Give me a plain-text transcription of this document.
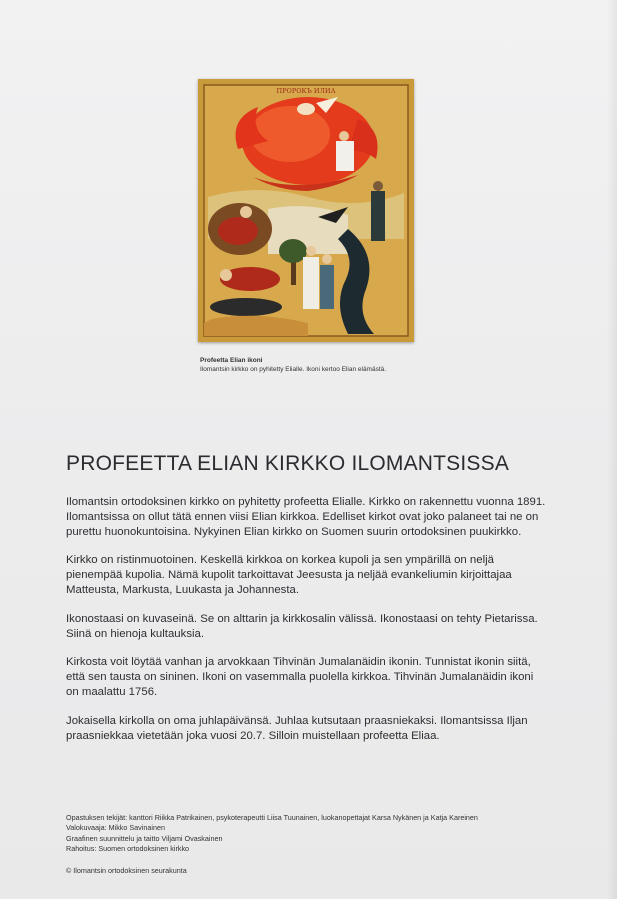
ПРОРОКЪ ИЛИА
Profeetta Elian ikoni
Ilomantsin kirkko on pyhitetty Elialle. Ikoni kertoo Elian elämästä.
PROFEETTA ELIAN KIRKKO ILOMANTSISSA

Ilomantsin ortodoksinen kirkko on pyhitetty profeetta Elialle. Kirkko on rakennettu vuonna 1891. Ilomantsissa on ollut tätä ennen viisi Elian kirkkoa. Edelliset kirkot ovat joko palaneet tai ne on purettu huonokuntoisina. Nykyinen Elian kirkko on Suomen suurin ortodoksinen puukirkko.

Kirkko on ristinmuotoinen. Keskellä kirkkoa on korkea kupoli ja sen ympärillä on neljä pienempää kupolia. Nämä kupolit tarkoittavat Jeesusta ja neljää evankeliumin kirjoittajaa Matteusta, Markusta, Luukasta ja Johannesta.

Ikonostaasi on kuvaseinä. Se on alttarin ja kirkkosalin välissä. Ikonostaasi on tehty Pietarissa. Siinä on hienoja kultauksia.

Kirkosta voit löytää vanhan ja arvokkaan Tihvinän Jumalanäidin ikonin. Tunnistat ikonin siitä, että sen tausta on sininen. Ikoni on vasemmalla puolella kirkkoa. Tihvinän Jumalanäidin ikoni on maalattu 1756.

Jokaisella kirkolla on oma juhlapäivänsä. Juhlaa kutsutaan praasniekaksi. Ilomantsissa Iljan praasniekkaa vietetään joka vuosi 20.7. Silloin muistellaan profeetta Eliaa.

Opastuksen tekijät: kanttori Riikka Patrikainen, psykoterapeutti Liisa Tuunainen, luokanopettajat Karsa Nykänen ja Katja Kareinen
Valokuvaaja: Mikko Savinainen
Graafinen suunnittelu ja taitto Viljami Ovaskainen
Rahoitus: Suomen ortodoksinen kirkko
© Ilomantsin ortodoksinen seurakunta
